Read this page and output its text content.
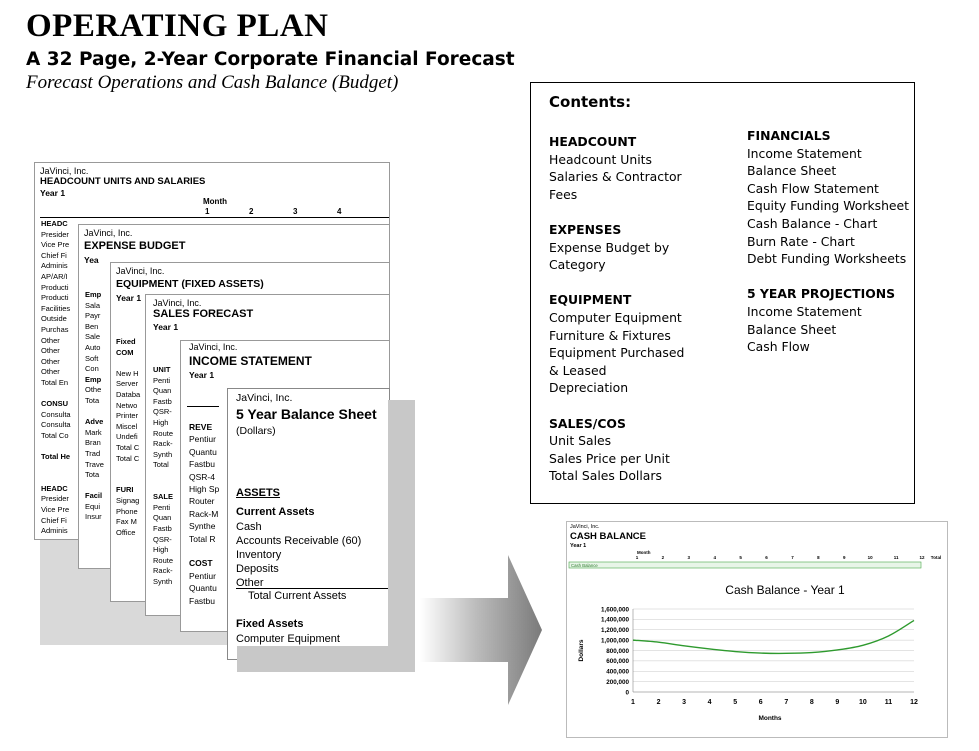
OPERATING PLAN
A 32 Page, 2-Year Corporate Financial Forecast
Forecast Operations and Cash Balance (Budget)
Contents:
HEADCOUNT
Headcount Units
Salaries & Contractor
Fees
EXPENSES
Expense Budget by
Category
EQUIPMENT
Computer Equipment
Furniture & Fixtures
Equipment Purchased
& Leased
Depreciation
SALES/COS
Unit Sales
Sales Price per Unit
Total Sales Dollars
FINANCIALS
Income Statement
Balance Sheet
Cash Flow Statement
Equity Funding Worksheet
Cash Balance - Chart
Burn Rate - Chart
Debt Funding Worksheets
5 YEAR PROJECTIONS
Income Statement
Balance Sheet
Cash Flow
JaVinci, Inc.
HEADCOUNT UNITS AND SALARIES
Year 1
Month
1	2	3	4
HEADC
Presider
Vice Pre
Chief Fi
Adminis
AP/AR/I
Producti
Producti
Facilities
Outside
Purchas
Other
Other
Other
Other
Total En

CONSU
Consulta
Consulta
Total Co

Total He

HEADC
Presider
Vice Pre
Chief Fi
Adminis
JaVinci, Inc.
EXPENSE BUDGET
Yea
Emp
Sala
Payr
Ben
Sale
Auto
Soft
Con
Emp
Othe
Tota

Adve
Mark
Bran
Trad
Trave
Tota

Facil
Equi
Insur
JaVinci, Inc.
EQUIPMENT (FIXED ASSETS)
Year 1
Fixed
COM

New H
Server
Databa
Netwo
Printer
Miscel
Undefi
Total C
Total C

FURI
Signag
Phone
Fax M
Office
JaVinci, Inc.
SALES FORECAST
Year 1
UNIT
Penti
Quan
Fastb
QSR-
High
Route
Rack-
Synth
Total

SALE
Penti
Quan
Fastb
QSR-
High
Route
Rack-
Synth
JaVinci, Inc.
INCOME STATEMENT
Year 1
REVE
Pentiur
Quantu
Fastbu
QSR-4
High Sp
Router
Rack-M
Synthe
Total R

COST
Pentiur
Quantu
Fastbu
JaVinci, Inc.
5 Year Balance Sheet
(Dollars)
ASSETS
Current Assets
Cash
Accounts Receivable (60)
Inventory
Deposits
Other
Total Current Assets
Fixed Assets
Computer Equipment
JaVinci, Inc.
CASH BALANCE
Year 1
Month
1	2	3	4	5	6	7	8	9	10	11	12 Total
Cash Balance
Cash Balance - Year 1
0
200,000
400,000
600,000
800,000
1,000,000
1,200,000
1,400,000
1,600,000
1	2	3	4	5	6	7	8	9	10	11	12
Months
Dollars
